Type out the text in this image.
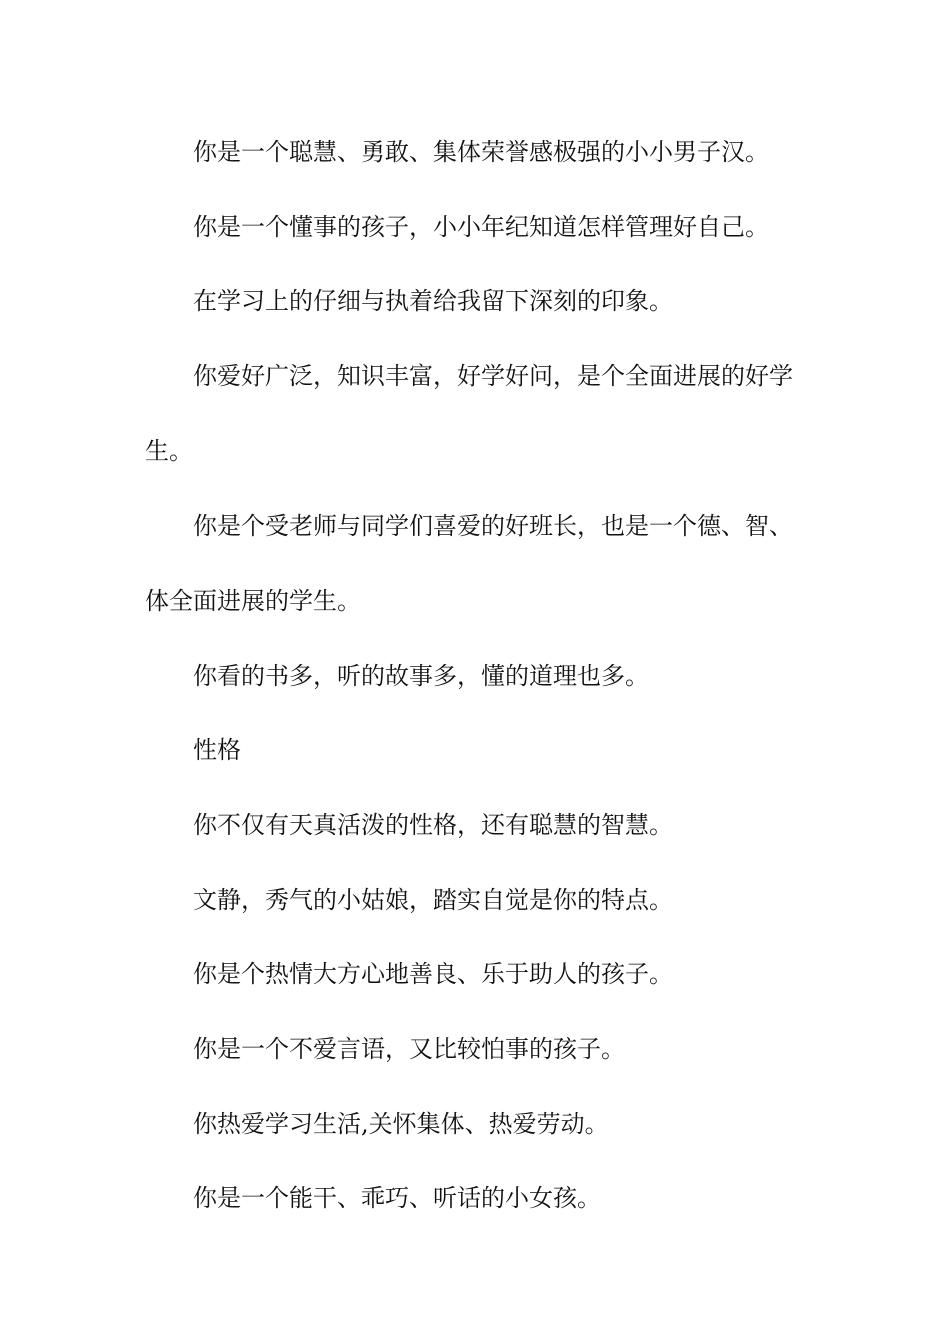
你是一个聪慧、勇敢、集体荣誉感极强的小小男子汉。
你是一个懂事的孩子，小小年纪知道怎样管理好自己。
在学习上的仔细与执着给我留下深刻的印象。
你爱好广泛，知识丰富，好学好问，是个全面进展的好学
生。
你是个受老师与同学们喜爱的好班长，也是一个德、智、
体全面进展的学生。
你看的书多，听的故事多，懂的道理也多。
性格
你不仅有天真活泼的性格，还有聪慧的智慧。
文静，秀气的小姑娘，踏实自觉是你的特点。
你是个热情大方心地善良、乐于助人的孩子。
你是一个不爱言语，又比较怕事的孩子。
你热爱学习生活,关怀集体、热爱劳动。
你是一个能干、乖巧、听话的小女孩。
